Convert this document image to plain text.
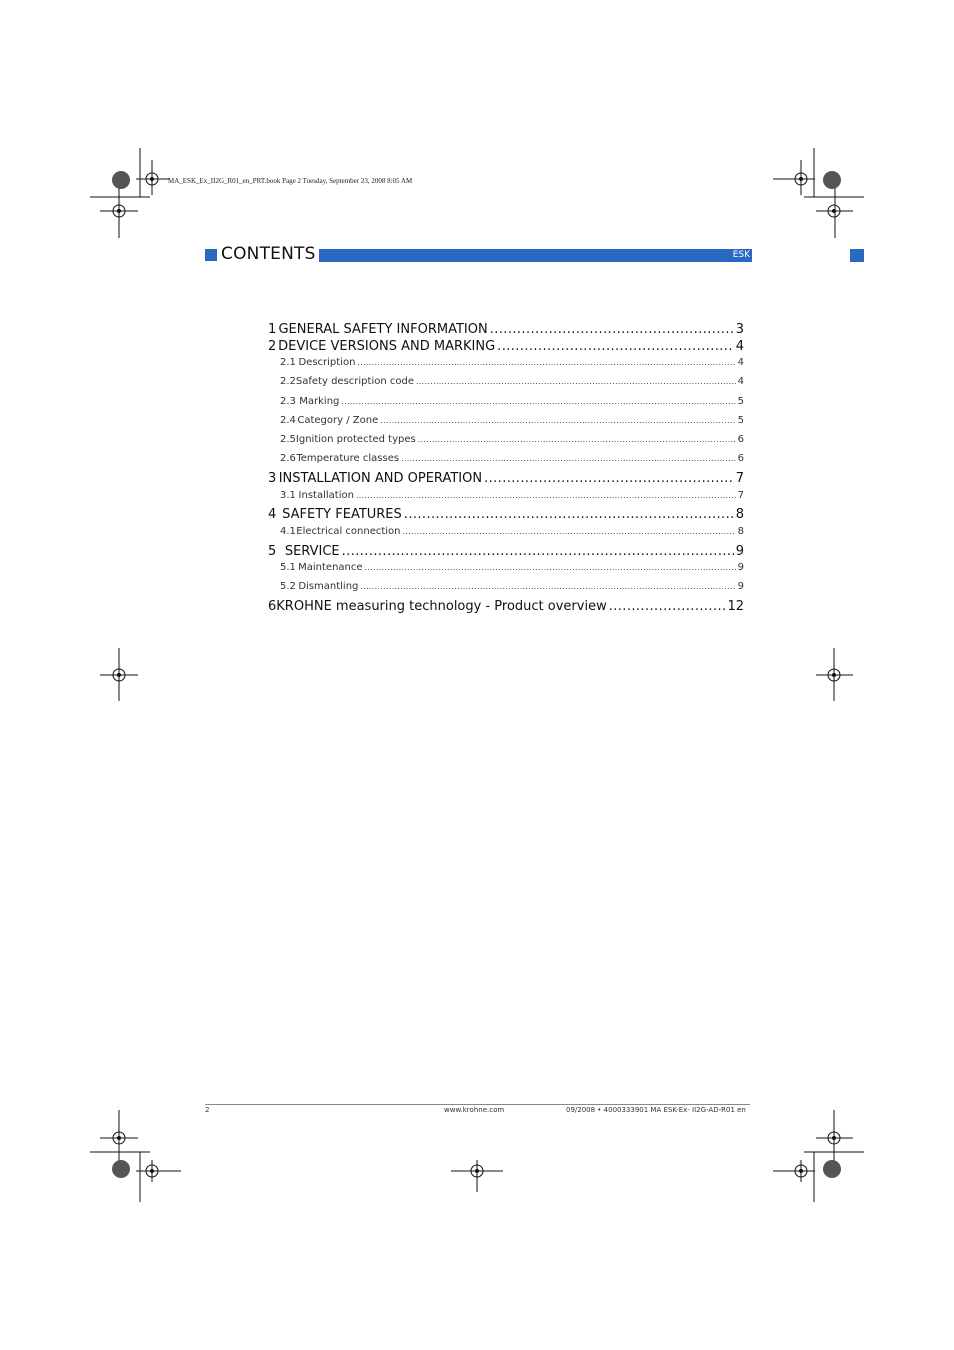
MA_ESK_Ex_II2G_R01_en_PRT.book Page 2 Tuesday, September 23, 2008 8:05 AM
CONTENTS	ESK
1 GENERAL SAFETY INFORMATION .....	3
2 DEVICE VERSIONS AND MARKING .....	4
2.1 Description .....	4
2.2 Safety description code .....	4
2.3 Marking .....	5
2.4 Category / Zone .....	5
2.5 Ignition protected types .....	6
2.6 Temperature classes .....	6
3 INSTALLATION AND OPERATION .....	7
3.1 Installation .....	7
4 SAFETY FEATURES .....	8
4.1 Electrical connection .....	8
5 SERVICE .....	9
5.1 Maintenance .....	9
5.2 Dismantling .....	9
6 KROHNE measuring technology - Product overview .....	12
2	www.krohne.com	09/2008 • 4000333901 MA ESK-Ex- II2G-AD-R01 en
